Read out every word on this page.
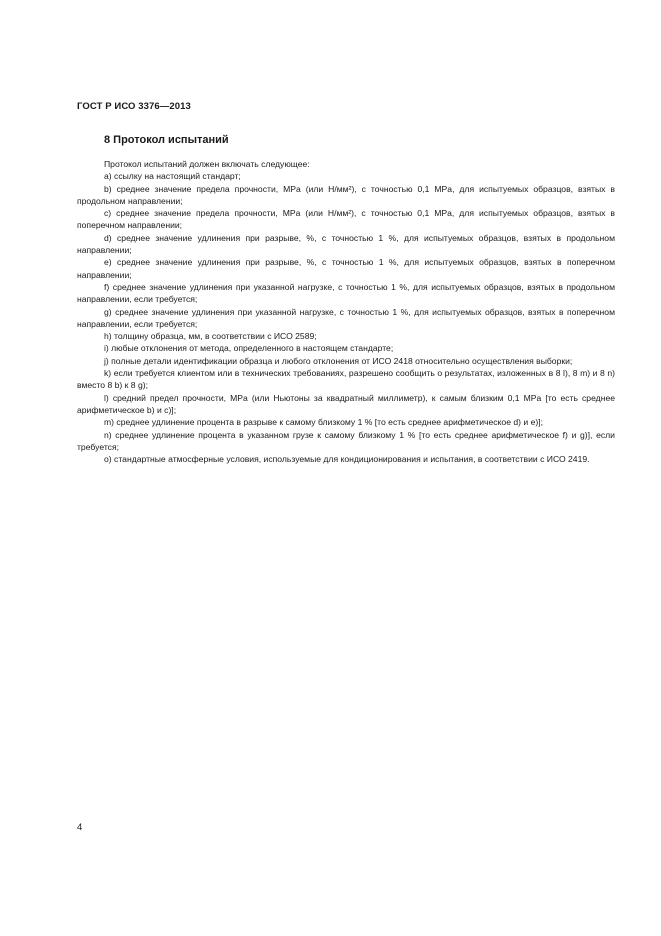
ГОСТ Р ИСО 3376—2013
8 Протокол испытаний

Протокол испытаний должен включать следующее:

a) ссылку на настоящий стандарт;

b) среднее значение предела прочности, MPa (или Н/мм²), с точностью 0,1 MPa, для испытуемых образцов, взятых в продольном направлении;

c) среднее значение предела прочности, MPa (или Н/мм²), с точностью 0,1 MPa, для испытуемых образцов, взятых в поперечном направлении;

d) среднее значение удлинения при разрыве, %, с точностью 1 %, для испытуемых образцов, взятых в продольном направлении;

e) среднее значение удлинения при разрыве, %, с точностью 1 %, для испытуемых образцов, взятых в поперечном направлении;

f) среднее значение удлинения при указанной нагрузке, с точностью 1 %, для испытуемых образцов, взятых в продольном направлении, если требуется;

g) среднее значение удлинения при указанной нагрузке, с точностью 1 %, для испытуемых образцов, взятых в поперечном направлении, если требуется;

h) толщину образца, мм, в соответствии с ИСО 2589;

i) любые отклонения от метода, определенного в настоящем стандарте;

j) полные детали идентификации образца и любого отклонения от ИСО 2418 относительно осуществления выборки;

k) если требуется клиентом или в технических требованиях, разрешено сообщить о результатах, изложенных в 8 l), 8 m) и 8 n) вместо 8 b) к 8 g);

l) средний предел прочности, MPa (или Ньютоны за квадратный миллиметр), к самым близким 0,1 MPa [то есть среднее арифметическое b) и c)];

m) среднее удлинение процента в разрыве к самому близкому 1 % [то есть среднее арифметическое d) и e)];

n) среднее удлинение процента в указанном грузе к самому близкому 1 % [то есть среднее арифметическое f) и g)], если требуется;

o) стандартные атмосферные условия, используемые для кондиционирования и испытания, в соответствии с ИСО 2419.

4
